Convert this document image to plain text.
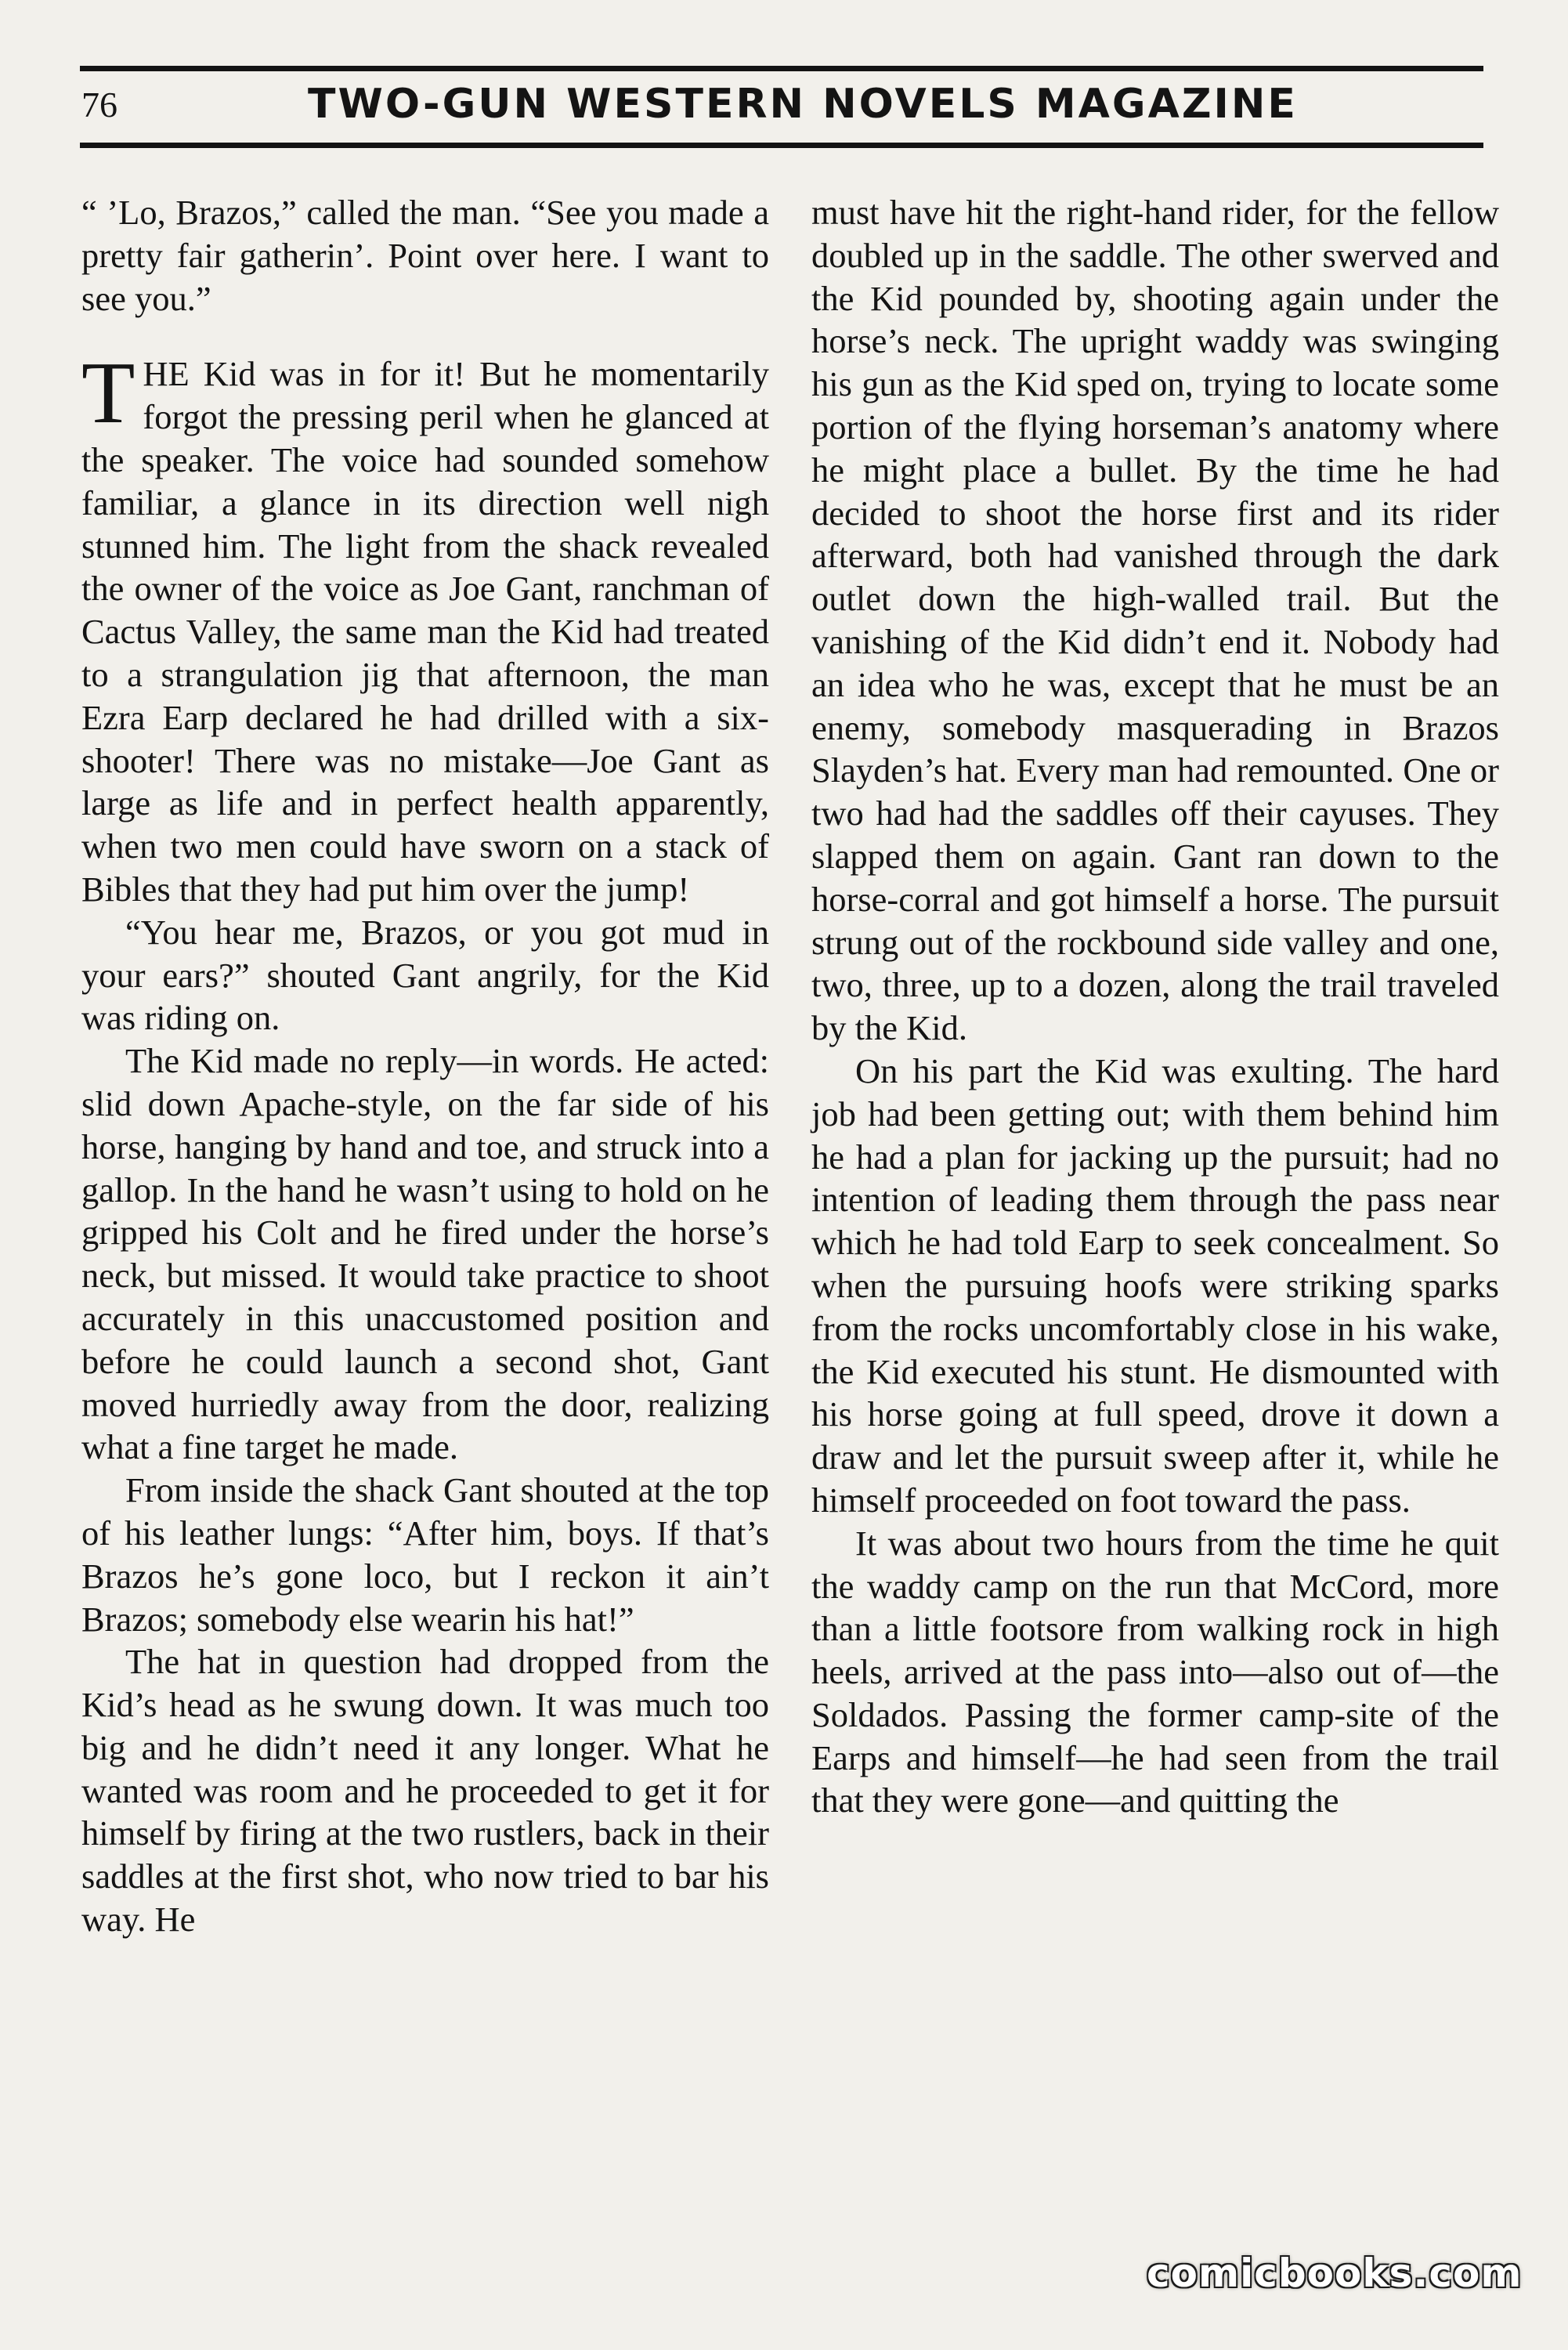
76	TWO-GUN WESTERN NOVELS MAGAZINE

“ ’Lo, Brazos,” called the man. “See you made a pretty fair gatherin’. Point over here. I want to see you.”

THE Kid was in for it! But he momentarily forgot the pressing peril when he glanced at the speaker. The voice had sounded somehow familiar, a glance in its direction well nigh stunned him. The light from the shack revealed the owner of the voice as Joe Gant, ranchman of Cactus Valley, the same man the Kid had treated to a strangulation jig that afternoon, the man Ezra Earp declared he had drilled with a six-shooter! There was no mistake—Joe Gant as large as life and in perfect health apparently, when two men could have sworn on a stack of Bibles that they had put him over the jump!

“You hear me, Brazos, or you got mud in your ears?” shouted Gant angrily, for the Kid was riding on.

The Kid made no reply—in words. He acted: slid down Apache-style, on the far side of his horse, hanging by hand and toe, and struck into a gallop. In the hand he wasn’t using to hold on he gripped his Colt and he fired under the horse’s neck, but missed. It would take practice to shoot accurately in this unaccustomed position and before he could launch a second shot, Gant moved hurriedly away from the door, realizing what a fine target he made.

From inside the shack Gant shouted at the top of his leather lungs: “After him, boys. If that’s Brazos he’s gone loco, but I reckon it ain’t Brazos; somebody else wearin his hat!”

The hat in question had dropped from the Kid’s head as he swung down. It was much too big and he didn’t need it any longer. What he wanted was room and he proceeded to get it for himself by firing at the two rustlers, back in their saddles at the first shot, who now tried to bar his way. He

must have hit the right-hand rider, for the fellow doubled up in the saddle. The other swerved and the Kid pounded by, shooting again under the horse’s neck. The upright waddy was swinging his gun as the Kid sped on, trying to locate some portion of the flying horseman’s anatomy where he might place a bullet. By the time he had decided to shoot the horse first and its rider afterward, both had vanished through the dark outlet down the high-walled trail. But the vanishing of the Kid didn’t end it. Nobody had an idea who he was, except that he must be an enemy, somebody masquerading in Brazos Slayden’s hat. Every man had remounted. One or two had had the saddles off their cayuses. They slapped them on again. Gant ran down to the horse-corral and got himself a horse. The pursuit strung out of the rockbound side valley and one, two, three, up to a dozen, along the trail traveled by the Kid.

On his part the Kid was exulting. The hard job had been getting out; with them behind him he had a plan for jacking up the pursuit; had no intention of leading them through the pass near which he had told Earp to seek concealment. So when the pursuing hoofs were striking sparks from the rocks uncomfortably close in his wake, the Kid executed his stunt. He dismounted with his horse going at full speed, drove it down a draw and let the pursuit sweep after it, while he himself proceeded on foot toward the pass.

It was about two hours from the time he quit the waddy camp on the run that McCord, more than a little footsore from walking rock in high heels, arrived at the pass into—also out of—the Soldados. Passing the former camp-site of the Earps and himself—he had seen from the trail that they were gone—and quitting the

comicbooks.com
